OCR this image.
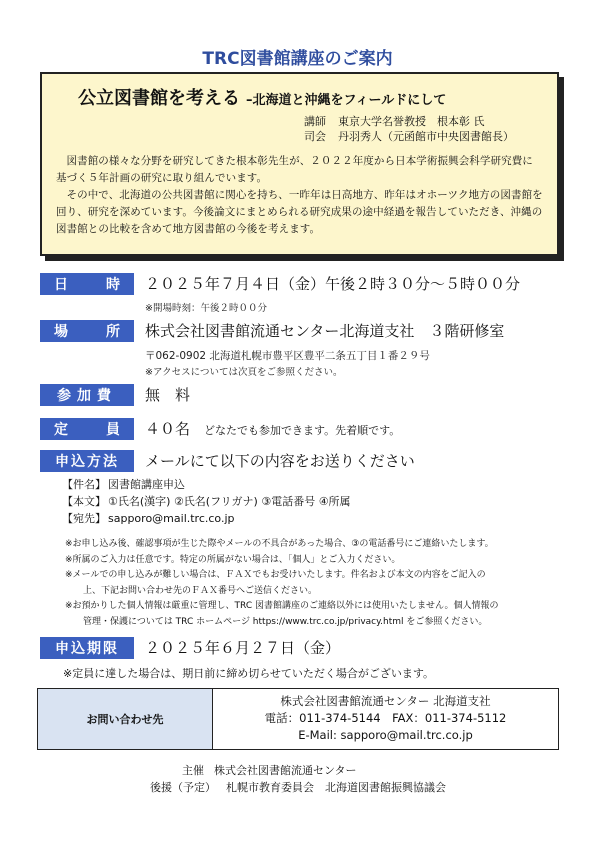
TRC図書館講座のご案内
公立図書館を考える –北海道と沖縄をフィールドにして
講師 東京大学名誉教授　根本彰 氏
司会 丹羽秀人（元函館市中央図書館長）

図書館の様々な分野を研究してきた根本彰先生が、２０２２年度から日本学術振興会科学研究費に基づく５年計画の研究に取り組んでいます。

その中で、北海道の公共図書館に関心を持ち、一昨年は日高地方、昨年はオホーツク地方の図書館を回り、研究を深めています。今後論文にまとめられる研究成果の途中経過を報告していただき、沖縄の図書館との比較を含めて地方図書館の今後を考えます。

日	時 ２０２５年７月４日（金）午後２時３０分～５時００分
※開場時刻：午後２時００分
場	所 株式会社図書館流通センター北海道支社　３階研修室
〒062-0902 北海道札幌市豊平区豊平二条五丁目１番２９号
※アクセスについては次頁をご参照ください。
参加費	無　料
定	員 ４０名 どなたでも参加できます。先着順です。
申込方法	メールにて以下の内容をお送りください
【件名】 図書館講座申込
【本文】 ①氏名(漢字) ②氏名(フリガナ) ③電話番号 ④所属
【宛先】 sapporo@mail.trc.co.jp
※お申し込み後、確認事項が生じた際やメールの不具合があった場合、③の電話番号にご連絡いたします。
※所属のご入力は任意です。特定の所属がない場合は、「個人」とご入力ください。
※メールでの申し込みが難しい場合は、ＦＡＸでもお受けいたします。件名および本文の内容をご記入の
上、下記お問い合わせ先のＦＡＸ番号へご送信ください。
※お預かりした個人情報は厳重に管理し、TRC 図書館講座のご連絡以外には使用いたしません。個人情報の
管理・保護については TRC ホームページ https://www.trc.co.jp/privacy.html をご参照ください。
申込期限	２０２５年６月２７日（金）
※定員に達した場合は、期日前に締め切らせていただく場合がございます。
お問い合わせ先
株式会社図書館流通センター 北海道支社
電話：011-374-5144　FAX：011-374-5112
E-Mail: sapporo@mail.trc.co.jp
主催 株式会社図書館流通センター
後援（予定） 札幌市教育委員会　北海道図書館振興協議会
